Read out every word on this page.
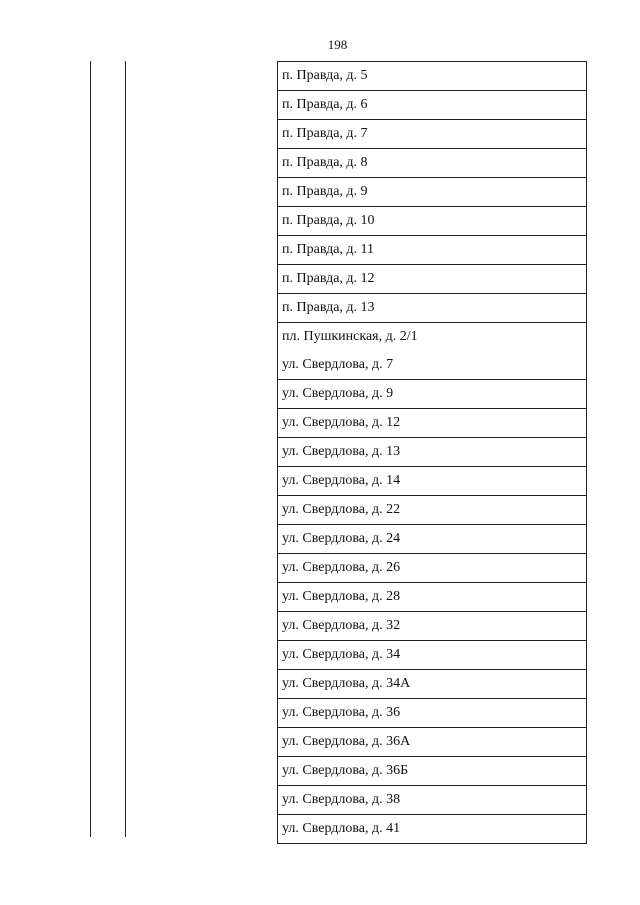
198
п. Правда, д. 5
п. Правда, д. 6
п. Правда, д. 7
п. Правда, д. 8
п. Правда, д. 9
п. Правда, д. 10
п. Правда, д. 11
п. Правда, д. 12
п. Правда, д. 13
пл. Пушкинская, д. 2/1
ул. Свердлова, д. 7
ул. Свердлова, д. 9
ул. Свердлова, д. 12
ул. Свердлова, д. 13
ул. Свердлова, д. 14
ул. Свердлова, д. 22
ул. Свердлова, д. 24
ул. Свердлова, д. 26
ул. Свердлова, д. 28
ул. Свердлова, д. 32
ул. Свердлова, д. 34
ул. Свердлова, д. 34А
ул. Свердлова, д. 36
ул. Свердлова, д. 36А
ул. Свердлова, д. 36Б
ул. Свердлова, д. 38
ул. Свердлова, д. 41
